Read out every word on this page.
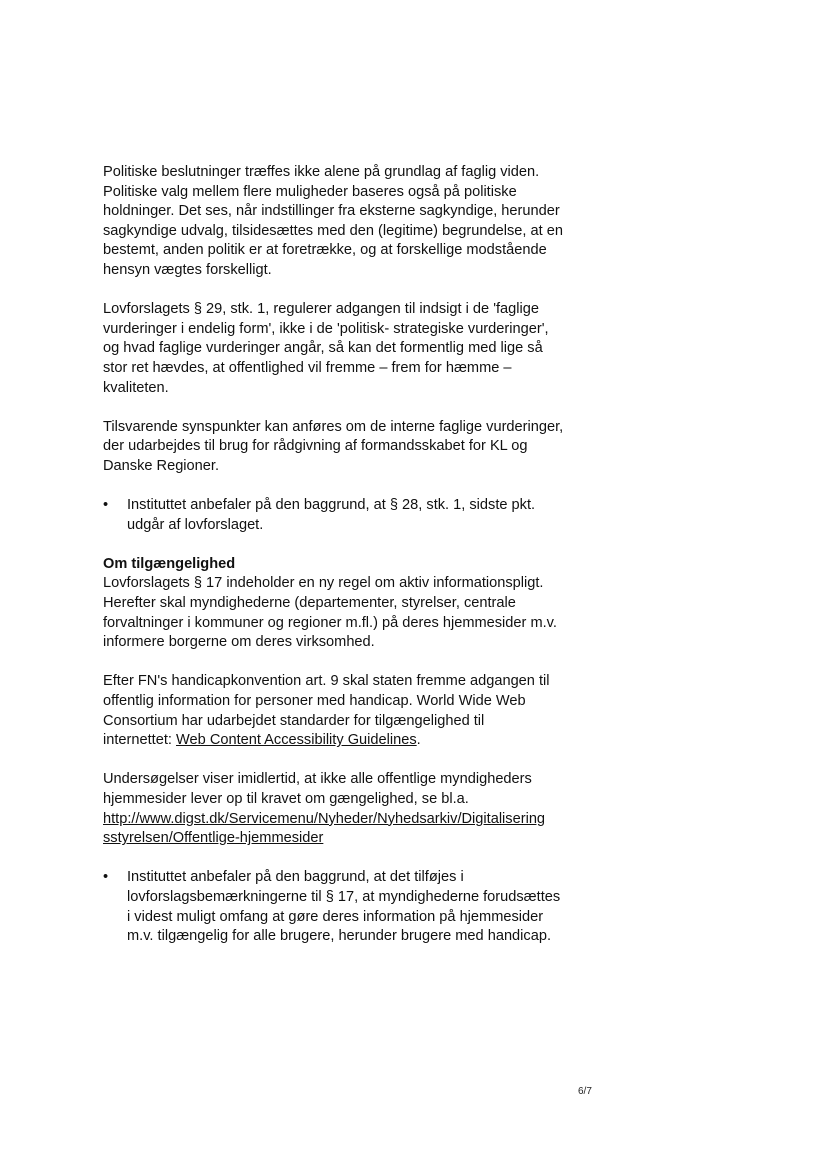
Politiske beslutninger træffes ikke alene på grundlag af faglig viden.
Politiske valg mellem flere muligheder baseres også på politiske
holdninger. Det ses, når indstillinger fra eksterne sagkyndige, herunder
sagkyndige udvalg, tilsidesættes med den (legitime) begrundelse, at en
bestemt, anden politik er at foretrække, og at forskellige modstående
hensyn vægtes forskelligt.

Lovforslagets § 29, stk. 1, regulerer adgangen til indsigt i de 'faglige
vurderinger i endelig form', ikke i de 'politisk- strategiske vurderinger',
og hvad faglige vurderinger angår, så kan det formentlig med lige så
stor ret hævdes, at offentlighed vil fremme – frem for hæmme –
kvaliteten.

Tilsvarende synspunkter kan anføres om de interne faglige vurderinger,
der udarbejdes til brug for rådgivning af formandsskabet for KL og
Danske Regioner.

•	Instituttet anbefaler på den baggrund, at § 28, stk. 1, sidste pkt.
udgår af lovforslaget.
Om tilgængelighed

Lovforslagets § 17 indeholder en ny regel om aktiv informationspligt.
Herefter skal myndighederne (departementer, styrelser, centrale
forvaltninger i kommuner og regioner m.fl.) på deres hjemmesider m.v.
informere borgerne om deres virksomhed.

Efter FN's handicapkonvention art. 9 skal staten fremme adgangen til
offentlig information for personer med handicap. World Wide Web
Consortium har udarbejdet standarder for tilgængelighed til
internettet: Web Content Accessibility Guidelines.

Undersøgelser viser imidlertid, at ikke alle offentlige myndigheders
hjemmesider lever op til kravet om gængelighed, se bl.a.
http://www.digst.dk/Servicemenu/Nyheder/Nyhedsarkiv/Digitalisering
sstyrelsen/Offentlige-hjemmesider

•	Instituttet anbefaler på den baggrund, at det tilføjes i
lovforslagsbemærkningerne til § 17, at myndighederne forudsættes
i videst muligt omfang at gøre deres information på hjemmesider
m.v. tilgængelig for alle brugere, herunder brugere med handicap.
6/7
